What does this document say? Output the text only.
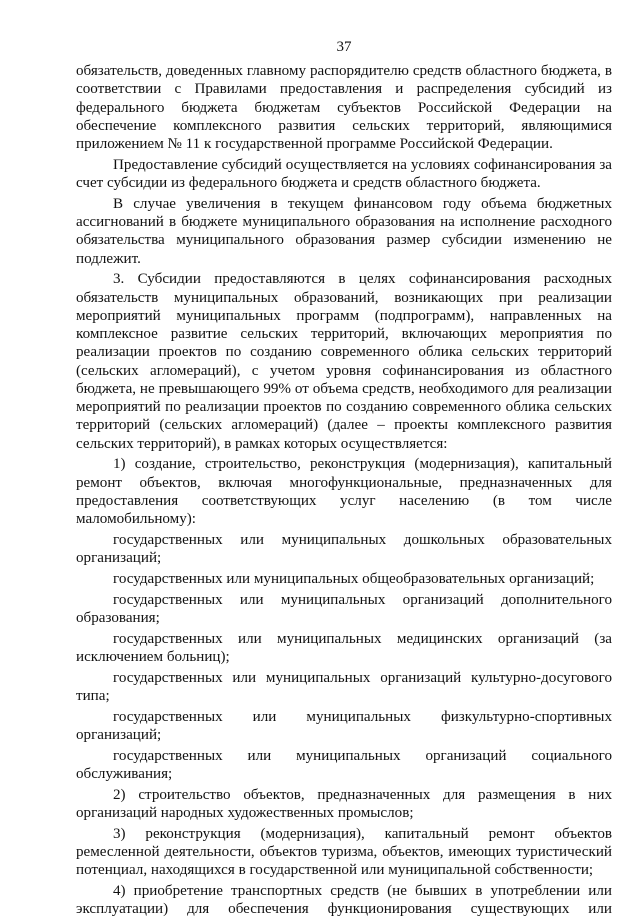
37

обязательств, доведенных главному распорядителю средств областного бюджета, в соответствии с Правилами предоставления и распределения субсидий из федерального бюджета бюджетам субъектов Российской Федерации на обеспечение комплексного развития сельских территорий, являющимися приложением № 11 к государственной программе Российской Федерации.

Предоставление субсидий осуществляется на условиях софинансирования за счет субсидии из федерального бюджета и средств областного бюджета.

В случае увеличения в текущем финансовом году объема бюджетных ассигнований в бюджете муниципального образования на исполнение расходного обязательства муниципального образования размер субсидии изменению не подлежит.

3. Субсидии предоставляются в целях софинансирования расходных обязательств муниципальных образований, возникающих при реализации мероприятий муниципальных программ (подпрограмм), направленных на комплексное развитие сельских территорий, включающих мероприятия по реализации проектов по созданию современного облика сельских территорий (сельских агломераций), с учетом уровня софинансирования из областного бюджета, не превышающего 99% от объема средств, необходимого для реализации мероприятий по реализации проектов по созданию современного облика сельских территорий (сельских агломераций) (далее – проекты комплексного развития сельских территорий), в рамках которых осуществляется:

1) создание, строительство, реконструкция (модернизация), капитальный ремонт объектов, включая многофункциональные, предназначенных для предоставления соответствующих услуг населению (в том числе маломобильному):

государственных или муниципальных дошкольных образовательных организаций;

государственных или муниципальных общеобразовательных организаций;

государственных или муниципальных организаций дополнительного образования;

государственных или муниципальных медицинских организаций (за исключением больниц);

государственных или муниципальных организаций культурно-досугового типа;

государственных или муниципальных физкультурно-спортивных организаций;

государственных или муниципальных организаций социального обслуживания;

2) строительство объектов, предназначенных для размещения в них организаций народных художественных промыслов;

3) реконструкция (модернизация), капитальный ремонт объектов ремесленной деятельности, объектов туризма, объектов, имеющих туристический потенциал, находящихся в государственной или муниципальной собственности;

4) приобретение транспортных средств (не бывших в употреблении или эксплуатации) для обеспечения функционирования существующих или
